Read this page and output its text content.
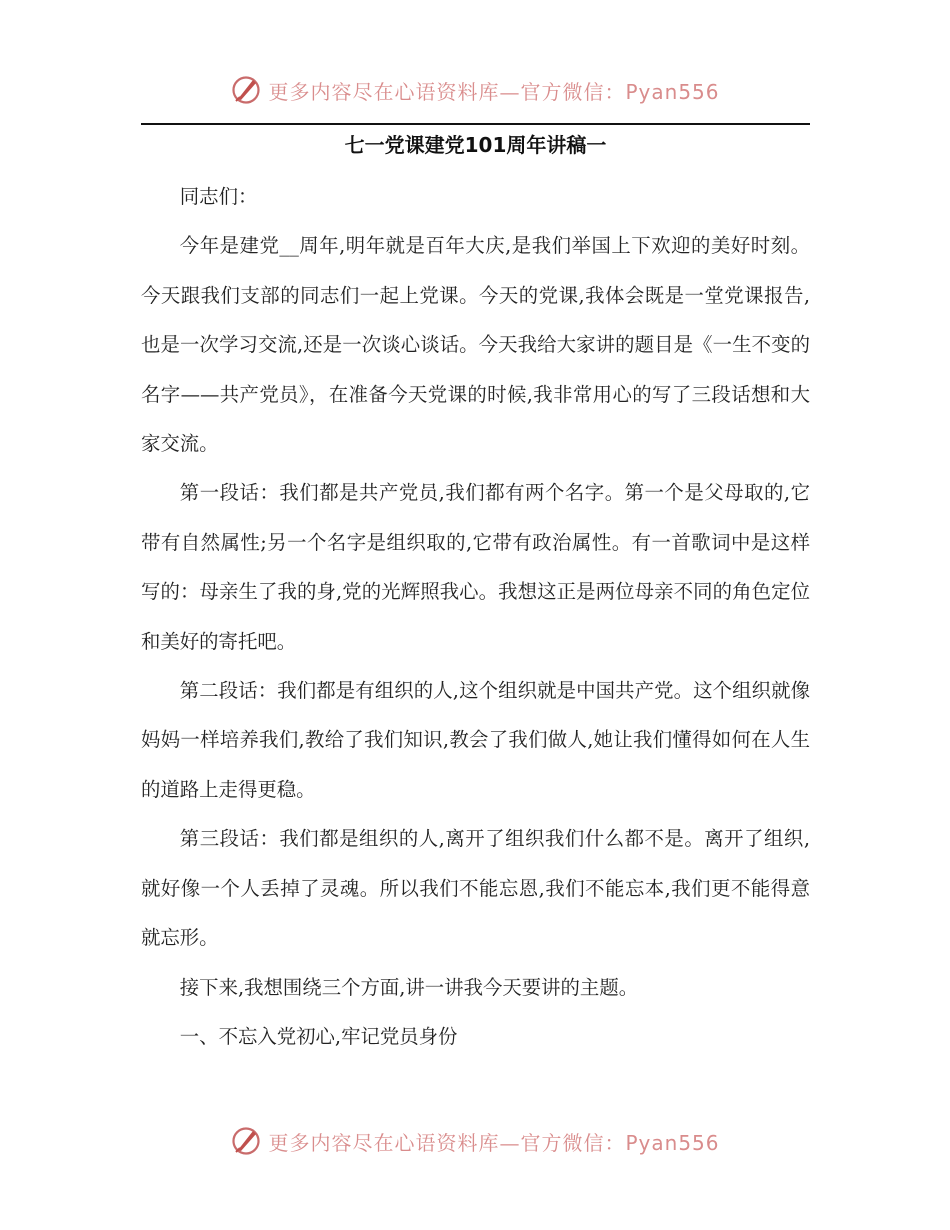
更多内容尽在心语资料库—官方微信：Pyan556
七一党课建党101周年讲稿一

同志们：

今年是建党__周年,明年就是百年大庆,是我们举国上下欢迎的美好时刻。今天跟我们支部的同志们一起上党课。今天的党课,我体会既是一堂党课报告,也是一次学习交流,还是一次谈心谈话。今天我给大家讲的题目是《一生不变的名字——共产党员》，在准备今天党课的时候,我非常用心的写了三段话想和大家交流。

第一段话：我们都是共产党员,我们都有两个名字。第一个是父母取的,它带有自然属性;另一个名字是组织取的,它带有政治属性。有一首歌词中是这样写的：母亲生了我的身,党的光辉照我心。我想这正是两位母亲不同的角色定位和美好的寄托吧。

第二段话：我们都是有组织的人,这个组织就是中国共产党。这个组织就像妈妈一样培养我们,教给了我们知识,教会了我们做人,她让我们懂得如何在人生的道路上走得更稳。

第三段话：我们都是组织的人,离开了组织我们什么都不是。离开了组织,就好像一个人丢掉了灵魂。所以我们不能忘恩,我们不能忘本,我们更不能得意就忘形。

接下来,我想围绕三个方面,讲一讲我今天要讲的主题。

一、不忘入党初心,牢记党员身份

更多内容尽在心语资料库—官方微信：Pyan556
